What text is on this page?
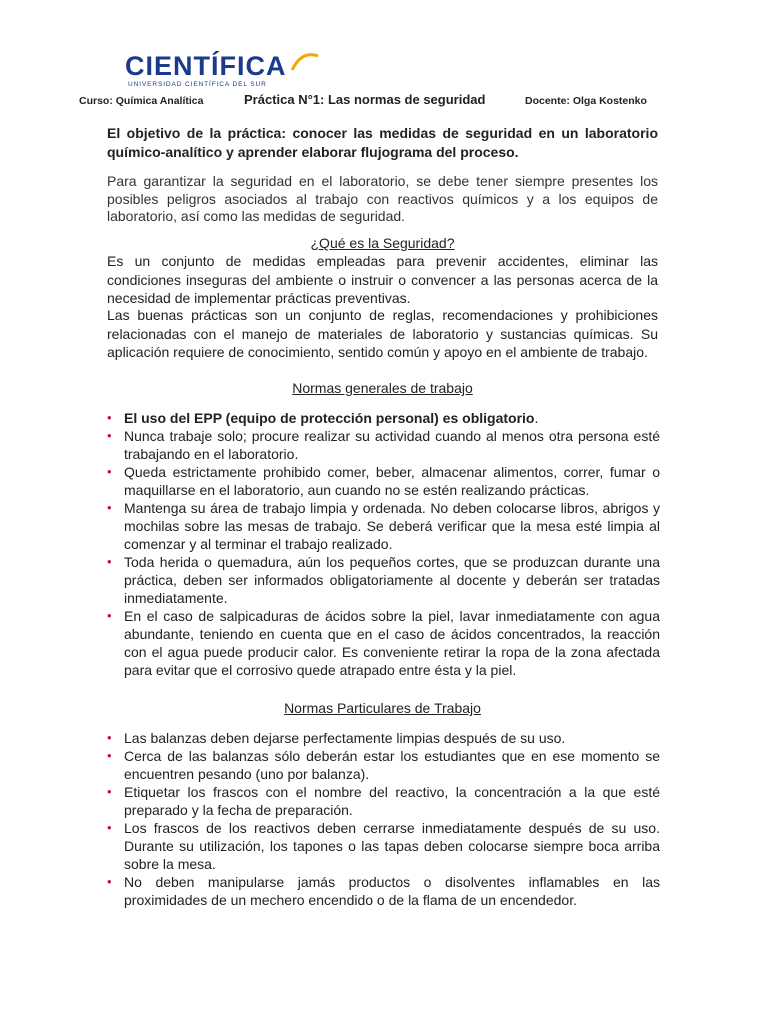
CIENTÍFICA
UNIVERSIDAD CIENTÍFICA DEL SUR
Curso: Química Analítica	Práctica N°1: Las normas de seguridad	Docente: Olga Kostenko
El objetivo de la práctica: conocer las medidas de seguridad en un laboratorio químico-analítico y aprender elaborar flujograma del proceso.
Para garantizar la seguridad en el laboratorio, se debe tener siempre presentes los posibles peligros asociados al trabajo con reactivos químicos y a los equipos de laboratorio, así como las medidas de seguridad.
¿Qué es la Seguridad?

Es un conjunto de medidas empleadas para prevenir accidentes, eliminar las condiciones inseguras del ambiente o instruir o convencer a las personas acerca de la necesidad de implementar prácticas preventivas.

Las buenas prácticas son un conjunto de reglas, recomendaciones y prohibiciones relacionadas con el manejo de materiales de laboratorio y sustancias químicas. Su aplicación requiere de conocimiento, sentido común y apoyo en el ambiente de trabajo.

Normas generales de trabajo
• El uso del EPP (equipo de protección personal) es obligatorio.
• Nunca trabaje solo; procure realizar su actividad cuando al menos otra persona esté trabajando en el laboratorio.
• Queda estrictamente prohibido comer, beber, almacenar alimentos, correr, fumar o maquillarse en el laboratorio, aun cuando no se estén realizando prácticas.
• Mantenga su área de trabajo limpia y ordenada. No deben colocarse libros, abrigos y mochilas sobre las mesas de trabajo. Se deberá verificar que la mesa esté limpia al comenzar y al terminar el trabajo realizado.
• Toda herida o quemadura, aún los pequeños cortes, que se produzcan durante una práctica, deben ser informados obligatoriamente al docente y deberán ser tratadas inmediatamente.
• En el caso de salpicaduras de ácidos sobre la piel, lavar inmediatamente con agua abundante, teniendo en cuenta que en el caso de ácidos concentrados, la reacción con el agua puede producir calor. Es conveniente retirar la ropa de la zona afectada para evitar que el corrosivo quede atrapado entre ésta y la piel.
Normas Particulares de Trabajo
• Las balanzas deben dejarse perfectamente limpias después de su uso.
• Cerca de las balanzas sólo deberán estar los estudiantes que en ese momento se encuentren pesando (uno por balanza).
• Etiquetar los frascos con el nombre del reactivo, la concentración a la que esté preparado y la fecha de preparación.
• Los frascos de los reactivos deben cerrarse inmediatamente después de su uso. Durante su utilización, los tapones o las tapas deben colocarse siempre boca arriba sobre la mesa.
• No deben manipularse jamás productos o disolventes inflamables en las proximidades de un mechero encendido o de la flama de un encendedor.
